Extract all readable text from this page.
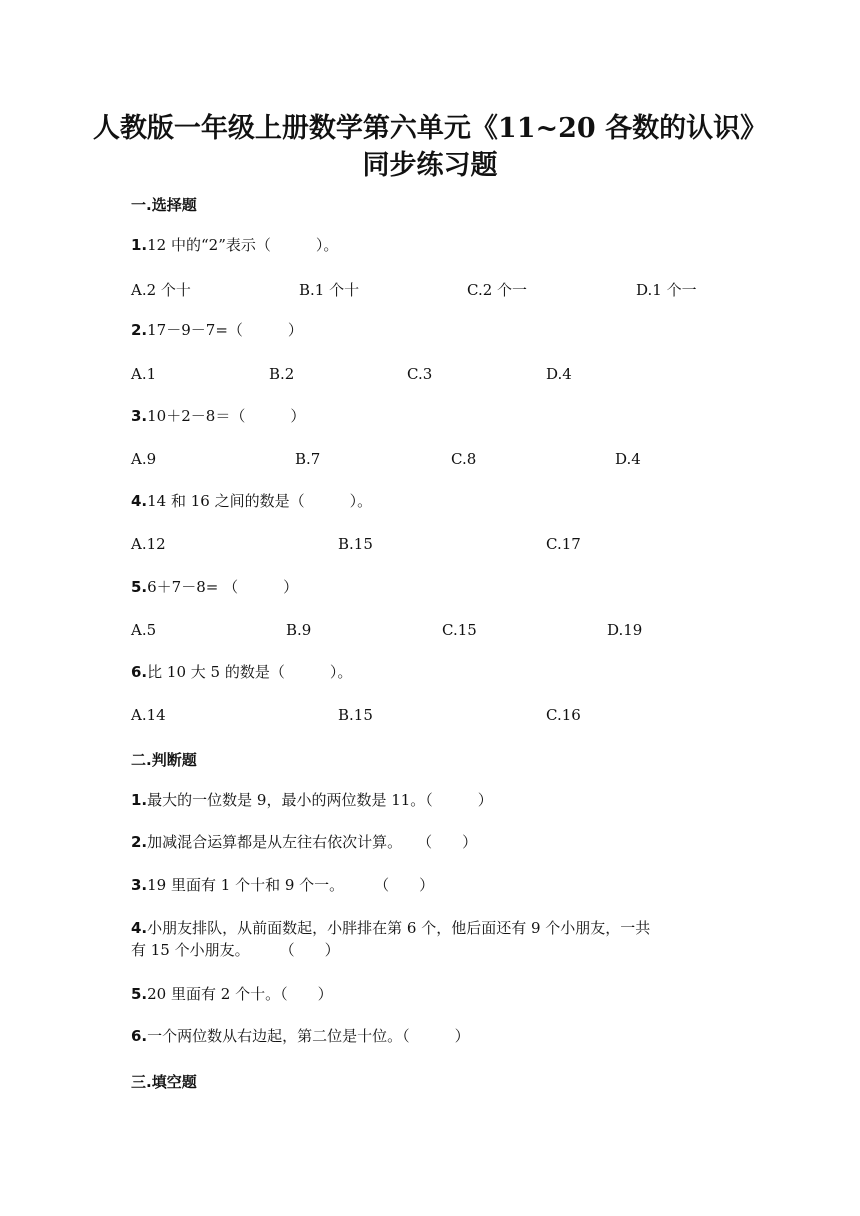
人教版一年级上册数学第六单元《11~20 各数的认识》
同步练习题
一.选择题
1.12 中的“2”表示（　　　）。
A.2 个十	B.1 个十	C.2 个一	D.1 个一
2.17－9－7=（　　　）
A.1	B.2	C.3	D.4
3.10＋2－8＝（　　　）
A.9	B.7	C.8	D.4
4.14 和 16 之间的数是（　　　）。
A.12	B.15	C.17
5.6＋7－8= （　　　）
A.5	B.9	C.15	D.19
6.比 10 大 5 的数是（　　　）。
A.14	B.15	C.16
二.判断题
1.最大的一位数是 9，最小的两位数是 11。（　　　）
2.加减混合运算都是从左往右依次计算。　　（　　）
3.19 里面有 1 个十和 9 个一。　　　（　　）
4.小朋友排队，从前面数起，小胖排在第 6 个，他后面还有 9 个小朋友，一共
有 15 个小朋友。　　　（　　）
5.20 里面有 2 个十。（　　）
6.一个两位数从右边起，第二位是十位。（　　　）
三.填空题
